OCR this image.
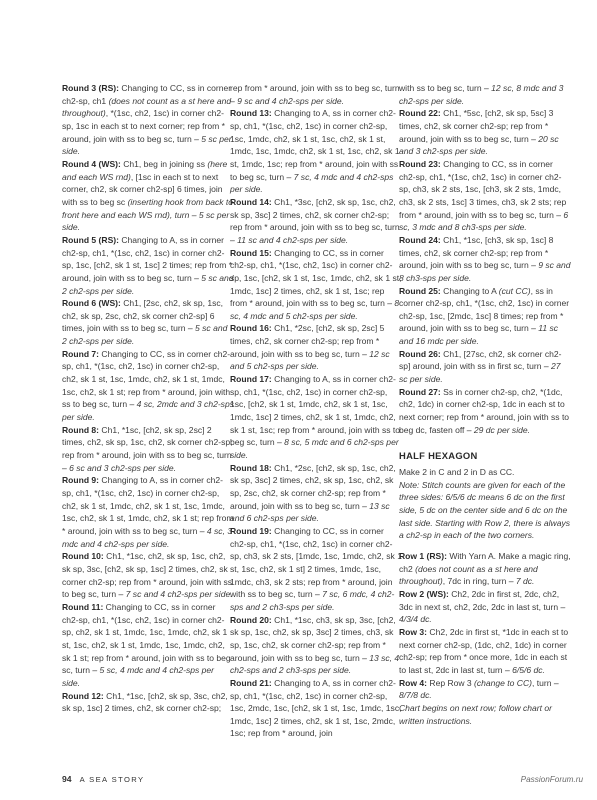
Round 3 (RS): Changing to CC, ss in corner ch2-sp, ch1 (does not count as a st here and throughout), *(1sc, ch2, 1sc) in corner ch2-sp, 1sc in each st to next corner; rep from * around, join with ss to beg sc, turn – 5 sc per side.

Round 4 (WS): Ch1, beg in joining ss (here and each WS rnd), [1sc in each st to next corner, ch2, sk corner ch2-sp] 6 times, join with ss to beg sc (inserting hook from back to front here and each WS rnd), turn – 5 sc per side.

Round 5 (RS): Changing to A, ss in corner ch2-sp, ch1, *(1sc, ch2, 1sc) in corner ch2-sp, 1sc, [ch2, sk 1 st, 1sc] 2 times; rep from * around, join with ss to beg sc, turn – 5 sc and 2 ch2-sps per side.

Round 6 (WS): Ch1, [2sc, ch2, sk sp, 1sc, ch2, sk sp, 2sc, ch2, sk corner ch2-sp] 6 times, join with ss to beg sc, turn – 5 sc and 2 ch2-sps per side.

Round 7: Changing to CC, ss in corner ch2-sp, ch1, *(1sc, ch2, 1sc) in corner ch2-sp, ch2, sk 1 st, 1sc, 1mdc, ch2, sk 1 st, 1mdc, 1sc, ch2, sk 1 st; rep from * around, join with ss to beg sc, turn – 4 sc, 2mdc and 3 ch2-sps per side.

Round 8: Ch1, *1sc, [ch2, sk sp, 2sc] 2 times, ch2, sk sp, 1sc, ch2, sk corner ch2-sp; rep from * around, join with ss to beg sc, turn – 6 sc and 3 ch2-sps per side.

Round 9: Changing to A, ss in corner ch2-sp, ch1, *(1sc, ch2, 1sc) in corner ch2-sp, ch2, sk 1 st, 1mdc, ch2, sk 1 st, 1sc, 1mdc, 1sc, ch2, sk 1 st, 1mdc, ch2, sk 1 st; rep from * around, join with ss to beg sc, turn – 4 sc, 3 mdc and 4 ch2-sps per side.

Round 10: Ch1, *1sc, ch2, sk sp, 1sc, ch2, sk sp, 3sc, [ch2, sk sp, 1sc] 2 times, ch2, sk corner ch2-sp; rep from * around, join with ss to beg sc, turn – 7 sc and 4 ch2-sps per side.

Round 11: Changing to CC, ss in corner ch2-sp, ch1, *(1sc, ch2, 1sc) in corner ch2-sp, ch2, sk 1 st, 1mdc, 1sc, 1mdc, ch2, sk 1 st, 1sc, ch2, sk 1 st, 1mdc, 1sc, 1mdc, ch2, sk 1 st; rep from * around, join with ss to beg sc, turn – 5 sc, 4 mdc and 4 ch2-sps per side.

Round 12: Ch1, *1sc, [ch2, sk sp, 3sc, ch2, sk sp, 1sc] 2 times, ch2, sk corner ch2-sp;

rep from * around, join with ss to beg sc, turn – 9 sc and 4 ch2-sps per side.

Round 13: Changing to A, ss in corner ch2-sp, ch1, *(1sc, ch2, 1sc) in corner ch2-sp, 1sc, 1mdc, ch2, sk 1 st, 1sc, ch2, sk 1 st, 1mdc, 1sc, 1mdc, ch2, sk 1 st, 1sc, ch2, sk 1 st, 1mdc, 1sc; rep from * around, join with ss to beg sc, turn – 7 sc, 4 mdc and 4 ch2-sps per side.

Round 14: Ch1, *3sc, [ch2, sk sp, 1sc, ch2, sk sp, 3sc] 2 times, ch2, sk corner ch2-sp; rep from * around, join with ss to beg sc, turn – 11 sc and 4 ch2-sps per side.

Round 15: Changing to CC, ss in corner ch2-sp, ch1, *(1sc, ch2, 1sc) in corner ch2-sp, 1sc, [ch2, sk 1 st, 1sc, 1mdc, ch2, sk 1 st, 1mdc, 1sc] 2 times, ch2, sk 1 st, 1sc; rep from * around, join with ss to beg sc, turn – 8 sc, 4 mdc and 5 ch2-sps per side.

Round 16: Ch1, *2sc, [ch2, sk sp, 2sc] 5 times, ch2, sk corner ch2-sp; rep from * around, join with ss to beg sc, turn – 12 sc and 5 ch2-sps per side.

Round 17: Changing to A, ss in corner ch2-sp, ch1, *(1sc, ch2, 1sc) in corner ch2-sp, 1sc, [ch2, sk 1 st, 1mdc, ch2, sk 1 st, 1sc, 1mdc, 1sc] 2 times, ch2, sk 1 st, 1mdc, ch2, sk 1 st, 1sc; rep from * around, join with ss to beg sc, turn – 8 sc, 5 mdc and 6 ch2-sps per side.

Round 18: Ch1, *2sc, [ch2, sk sp, 1sc, ch2, sk sp, 3sc] 2 times, ch2, sk sp, 1sc, ch2, sk sp, 2sc, ch2, sk corner ch2-sp; rep from * around, join with ss to beg sc, turn – 13 sc and 6 ch2-sps per side.

Round 19: Changing to CC, ss in corner ch2-sp, ch1, *(1sc, ch2, 1sc) in corner ch2-sp, ch3, sk 2 sts, [1mdc, 1sc, 1mdc, ch2, sk 1 st, 1sc, ch2, sk 1 st] 2 times, 1mdc, 1sc, 1mdc, ch3, sk 2 sts; rep from * around, join with ss to beg sc, turn – 7 sc, 6 mdc, 4 ch2-sps and 2 ch3-sps per side.

Round 20: Ch1, *1sc, ch3, sk sp, 3sc, [ch2, sk sp, 1sc, ch2, sk sp, 3sc] 2 times, ch3, sk sp, 1sc, ch2, sk corner ch2-sp; rep from * around, join with ss to beg sc, turn – 13 sc, 4 ch2-sps and 2 ch3-sps per side.

Round 21: Changing to A, ss in corner ch2-sp, ch1, *(1sc, ch2, 1sc) in corner ch2-sp, 1sc, 2mdc, 1sc, [ch2, sk 1 st, 1sc, 1mdc, 1sc, 1mdc, 1sc] 2 times, ch2, sk 1 st, 1sc, 2mdc, 1sc; rep from * around, join

with ss to beg sc, turn – 12 sc, 8 mdc and 3 ch2-sps per side.

Round 22: Ch1, *5sc, [ch2, sk sp, 5sc] 3 times, ch2, sk corner ch2-sp; rep from * around, join with ss to beg sc, turn – 20 sc and 3 ch2-sps per side.

Round 23: Changing to CC, ss in corner ch2-sp, ch1, *(1sc, ch2, 1sc) in corner ch2-sp, ch3, sk 2 sts, 1sc, [ch3, sk 2 sts, 1mdc, ch3, sk 2 sts, 1sc] 3 times, ch3, sk 2 sts; rep from * around, join with ss to beg sc, turn – 6 sc, 3 mdc and 8 ch3-sps per side.

Round 24: Ch1, *1sc, [ch3, sk sp, 1sc] 8 times, ch2, sk corner ch2-sp; rep from * around, join with ss to beg sc, turn – 9 sc and 8 ch3-sps per side.

Round 25: Changing to A (cut CC), ss in corner ch2-sp, ch1, *(1sc, ch2, 1sc) in corner ch2-sp, 1sc, [2mdc, 1sc] 8 times; rep from * around, join with ss to beg sc, turn – 11 sc and 16 mdc per side.

Round 26: Ch1, [27sc, ch2, sk corner ch2-sp] around, join with ss in first sc, turn – 27 sc per side.

Round 27: Ss in corner ch2-sp, ch2, *(1dc, ch2, 1dc) in corner ch2-sp, 1dc in each st to next corner; rep from * around, join with ss to beg dc, fasten off – 29 dc per side.

HALF HEXAGON

Make 2 in C and 2 in D as CC.

Note: Stitch counts are given for each of the three sides: 6/5/6 dc means 6 dc on the first side, 5 dc on the center side and 6 dc on the last side. Starting with Row 2, there is always a ch2-sp in each of the two corners.

Row 1 (RS): With Yarn A. Make a magic ring, ch2 (does not count as a st here and throughout), 7dc in ring, turn – 7 dc.

Row 2 (WS): Ch2, 2dc in first st, 2dc, ch2, 3dc in next st, ch2, 2dc, 2dc in last st, turn – 4/3/4 dc.

Row 3: Ch2, 2dc in first st, *1dc in each st to next corner ch2-sp, (1dc, ch2, 1dc) in corner ch2-sp; rep from * once more, 1dc in each st to last st, 2dc in last st, turn – 6/5/6 dc.

Row 4: Rep Row 3 (change to CC), turn – 8/7/8 dc.

Chart begins on next row; follow chart or written instructions.

94 A SEA STORY	PassionForum.ru
